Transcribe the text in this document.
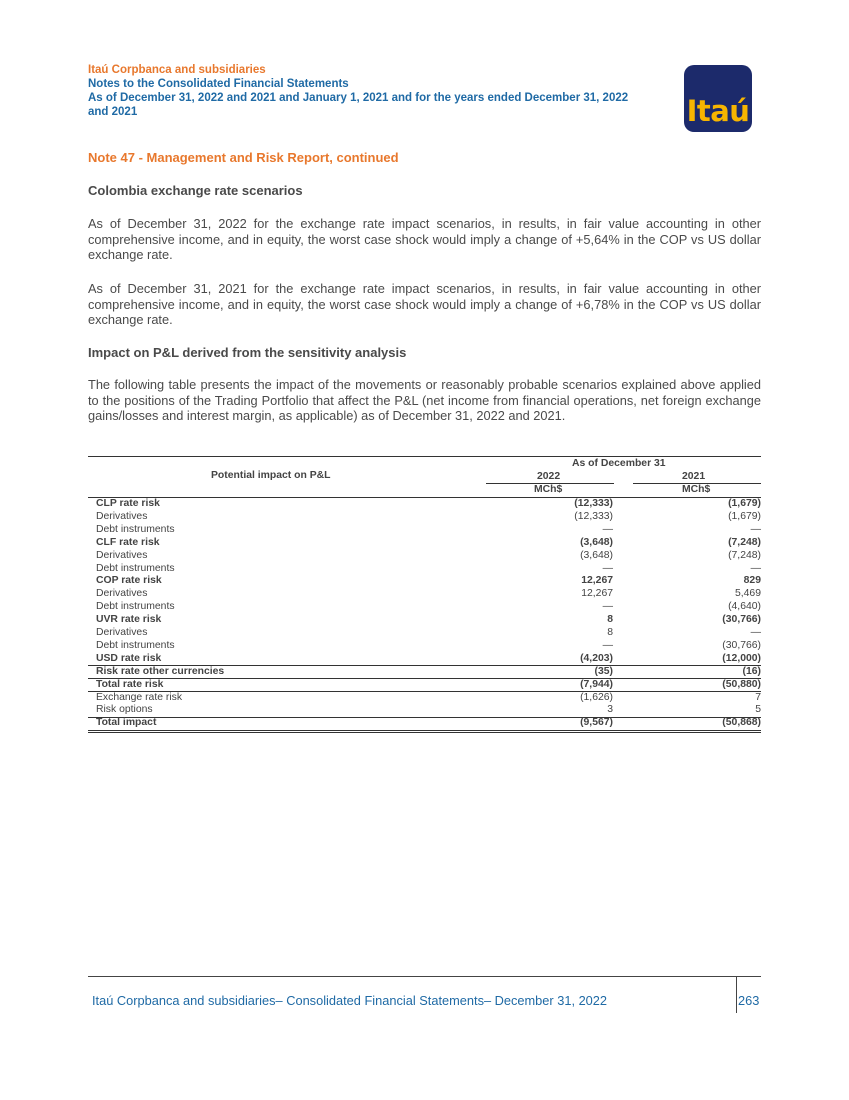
Itaú Corpbanca and subsidiaries
Notes to the Consolidated Financial Statements
As of December 31, 2022 and 2021 and January 1, 2021 and for the years ended December 31, 2022
and 2021	Itaú
Note 47 - Management and Risk Report, continued
Colombia exchange rate scenarios

As of December 31, 2022 for the exchange rate impact scenarios, in results, in fair value accounting in other comprehensive income, and in equity, the worst case shock would imply a change of +5,64% in the COP vs US dollar exchange rate.

As of December 31, 2021 for the exchange rate impact scenarios, in results, in fair value accounting in other comprehensive income, and in equity, the worst case shock would imply a change of +6,78% in the COP vs US dollar exchange rate.

Impact on P&L derived from the sensitivity analysis

The following table presents the impact of the movements or reasonably probable scenarios explained above applied to the positions of the Trading Portfolio that affect the P&L (net income from financial operations, net foreign exchange gains/losses and interest margin, as applicable) as of December 31, 2022 and 2021.

Potential impact on P&L
As of December 31
2022	2021
MCh$	MCh$
CLP rate risk	(12,333)	(1,679)
Derivatives	(12,333)	(1,679)
Debt instruments	—	—
CLF rate risk	(3,648)	(7,248)
Derivatives	(3,648)	(7,248)
Debt instruments	—	—
COP rate risk	12,267	829
Derivatives	12,267	5,469
Debt instruments	—	(4,640)
UVR rate risk	8	(30,766)
Derivatives	8	—
Debt instruments	—	(30,766)
USD rate risk	(4,203)	(12,000)
Risk rate other currencies	(35)	(16)
Total rate risk	(7,944)	(50,880)
Exchange rate risk	(1,626)	7
Risk options	3	5
Total impact	(9,567)	(50,868)
Itaú Corpbanca and subsidiaries– Consolidated Financial Statements– December 31, 2022	263
